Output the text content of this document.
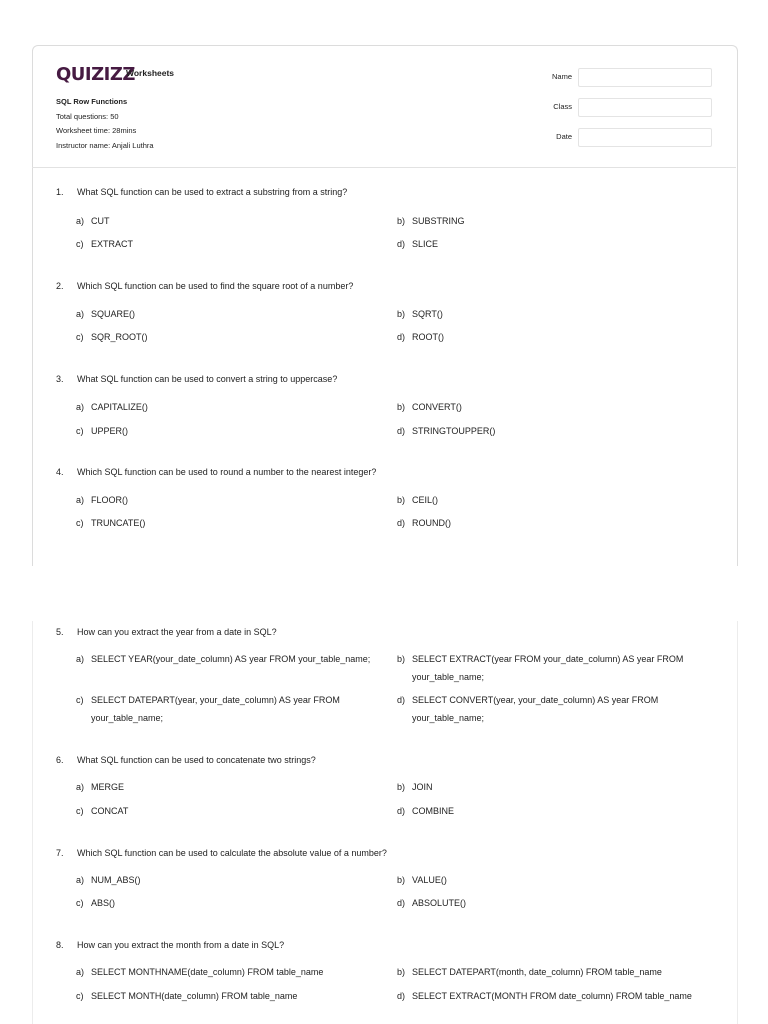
QUIZIZZ
Worksheets
SQL Row Functions
Total questions: 50
Worksheet time: 28mins
Instructor name: Anjali Luthra
Name
Class
Date
1.	What SQL function can be used to extract a substring from a string?
a) CUT	b) SUBSTRING
c) EXTRACT	d) SLICE
2.	Which SQL function can be used to find the square root of a number?
a) SQUARE()	b) SQRT()
c) SQR_ROOT()	d) ROOT()
3.	What SQL function can be used to convert a string to uppercase?
a) CAPITALIZE()	b) CONVERT()
c) UPPER()	d) STRINGTOUPPER()
4.	Which SQL function can be used to round a number to the nearest integer?
a) FLOOR()	b) CEIL()
c) TRUNCATE()	d) ROUND()
5.	How can you extract the year from a date in SQL?
a) SELECT YEAR(your_date_column) AS year FROM your_table_name;	b) SELECT EXTRACT(year FROM your_date_column) AS year FROM your_table_name;
c) SELECT DATEPART(year, your_date_column) AS year FROM your_table_name;
d) SELECT CONVERT(year, your_date_column) AS year FROM your_table_name;
6.	What SQL function can be used to concatenate two strings?
a) MERGE	b) JOIN
c) CONCAT	d) COMBINE
7.	Which SQL function can be used to calculate the absolute value of a number?
a) NUM_ABS()	b) VALUE()
c) ABS()	d) ABSOLUTE()
8.	How can you extract the month from a date in SQL?
a) SELECT MONTHNAME(date_column) FROM table_name	b) SELECT DATEPART(month, date_column) FROM table_name
c) SELECT MONTH(date_column) FROM table_name	d) SELECT EXTRACT(MONTH FROM date_column) FROM table_name
